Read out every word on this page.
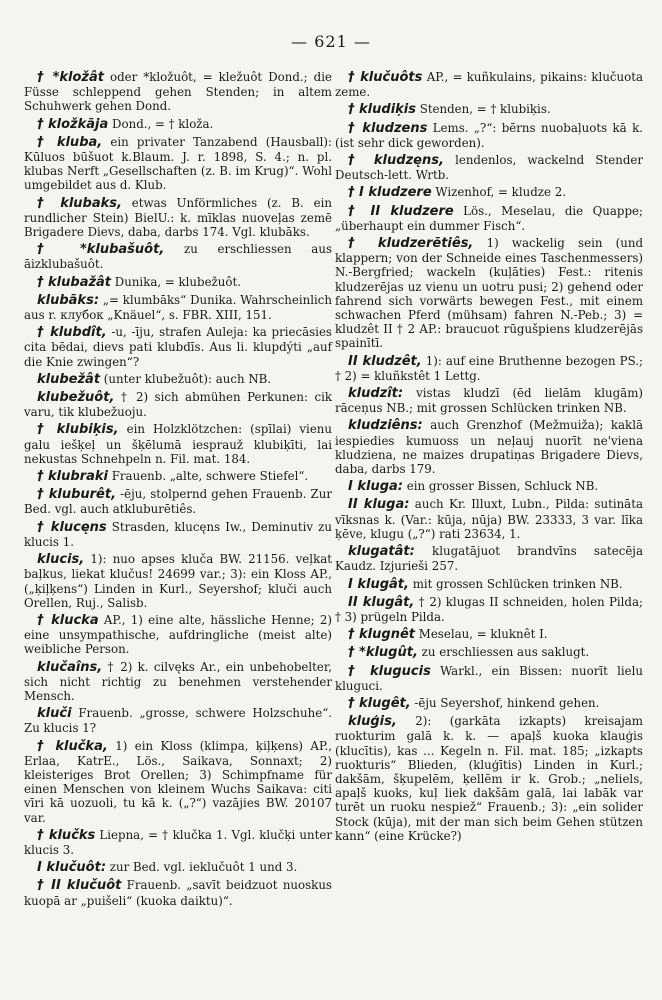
— 621 —

† *kložât oder *kložuôt, = kležuôt Dond.; die Füsse schleppend gehen Stenden; in altem Schuhwerk gehen Dond.

† kložkāja Dond., = † kloža.

† kluba, ein privater Tanzabend (Hausball): Kūluos būšuot k.Blaum. J. r. 1898, S. 4.; n. pl. klubas Nerft „Gesellschaften (z. B. im Krug)“. Wohl umgebildet aus d. Klub.

† klubaks, etwas Unförmliches (z. B. ein rundlicher Stein) BielU.: k. mīklas nuoveļas zemē Brigadere Dievs, daba, darbs 174. Vgl. klubāks.

† *klubašuôt, zu erschliessen aus āizklubašuôt.

† klubažât Dunika, = klubežuôt.

klubāks: „= klumbāks“ Dunika. Wahrscheinlich aus r. клубок „Knäuel“, s. FBR. XIII, 151.

† klubdît, -u, -īju, strafen Auleja: ka priecāsies cita bēdai, dievs pati klubdīs. Aus li. klupdýti „auf die Knie zwingen“?

klubežât (unter klubežuôt): auch NB.

klubežuôt, † 2) sich abmühen Perkunen: cik varu, tik klubežuoju.

† klubiķis, ein Holzklötzchen: (spīlai) vienu galu iešķeļ un šķēlumā iesprauž klubiķīti, lai nekustas Schnehpeln n. Fil. mat. 184.

† klubraki Frauenb. „alte, schwere Stiefel“.

† kluburêt, -ēju, stolpernd gehen Frauenb. Zur Bed. vgl. auch atkluburētiês.

† klucęns Strasden, klucęns Iw., Deminutiv zu klucis 1.

klucis, 1): nuo apses kluča BW. 21156. veļkat baļkus, liekat klučus! 24699 var.; 3): ein Kloss AP., („ķiļķens“) Linden in Kurl., Seyershof; kluči auch Orellen, Ruj., Salisb.

† klucka AP., 1) eine alte, hässliche Henne; 2) eine unsympathische, aufdringliche (meist alte) weibliche Person.

klučaîns, † 2) k. cilvęks Ar., ein unbehobelter, sich nicht richtig zu benehmen verstehender Mensch.

kluči Frauenb. „grosse, schwere Holzschuhe“. Zu klucis 1?

† klučka, 1) ein Kloss (klimpa, ķiļķens) AP., Erlaa, KatrE., Lös., Saikava, Sonnaxt; 2) kleisteriges Brot Orellen; 3) Schimpfname für einen Menschen von kleinem Wuchs Saikava: citi vīri kā uozuoli, tu kā k. („?“) vazājies BW. 20107 var.

† klučks Liepna, = † klučka 1. Vgl. klučķi unter klucis 3.

I klučuôt: zur Bed. vgl. ieklučuôt 1 und 3.

† II klučuôt Frauenb. „savīt beidzuot nuoskus kuopā ar „puišeli“ (kuoka daiktu)“.

† klučuôts AP., = kuñkulains, pikains: klučuota zeme.

† kludiķis Stenden, = † klubiķis.

† kludzens Lems. „?“: bērns nuobaļuots kā k. (ist sehr dick geworden).

† kludzęns, lendenlos, wackelnd Stender Deutsch-lett. Wrtb.

† I kludzere Wizenhof, = kludze 2.

† II kludzere Lös., Meselau, die Quappe; „überhaupt ein dummer Fisch“.

† kludzerētiês, 1) wackelig sein (und klappern; von der Schneide eines Taschenmessers) N.-Bergfried; wackeln (kuļāties) Fest.: ritenis kludzerējas uz vienu un uotru pusi; 2) gehend oder fahrend sich vorwärts bewegen Fest., mit einem schwachen Pferd (mühsam) fahren N.-Peb.; 3) = kludzêt II † 2 AP.: braucuot rūgušpiens kludzerējās spainītī.

II kludzêt, 1): auf eine Bruthenne bezogen PS.; † 2) = kluñkstêt 1 Lettg.

kludzît: vistas kludzī (ēd lielām klugām) rāceņus NB.; mit grossen Schlücken trinken NB.

kludziêns: auch Grenzhof (Mežmuiža); kaklā iespiedies kumuoss un neļauj nuorīt ne'viena kludziena, ne maizes drupatiņas Brigadere Dievs, daba, darbs 179.

I kluga: ein grosser Bissen, Schluck NB.

II kluga: auch Kr. Illuxt, Lubn., Pilda: sutināta vīksnas k. (Var.: kūja, nūja) BW. 23333, 3 var. līka ķēve, klugu („?“) rati 23634, 1.

klugatât: klugatājuot brandvīns satecēja Kaudz. Izjurieši 257.

I klugât, mit grossen Schlücken trinken NB.

II klugât, † 2) klugas II schneiden, holen Pilda; † 3) prügeln Pilda.

† klugnêt Meselau, = kluknêt I.

† *klugût, zu erschliessen aus saklugt.

† klugucis Warkl., ein Bissen: nuorīt lielu kluguci.

† klugêt, -ēju Seyershof, hinkend gehen.

kluģis, 2): (garkāta izkapts) kreisajam ruokturim galā k. k. — apaļš kuoka klauģis (klucītis), kas ... Kegeln n. Fil. mat. 185; „izkapts ruokturis“ Blieden, (kluģītis) Linden in Kurl.; dakšām, šķupelēm, ķellēm ir k. Grob.; „neliels, apaļš kuoks, kuļ liek dakšām galā, lai labāk var turēt un ruoku nespiež“ Frauenb.; 3): „ein solider Stock (kūja), mit der man sich beim Gehen stützen kann“ (eine Krücke?)
